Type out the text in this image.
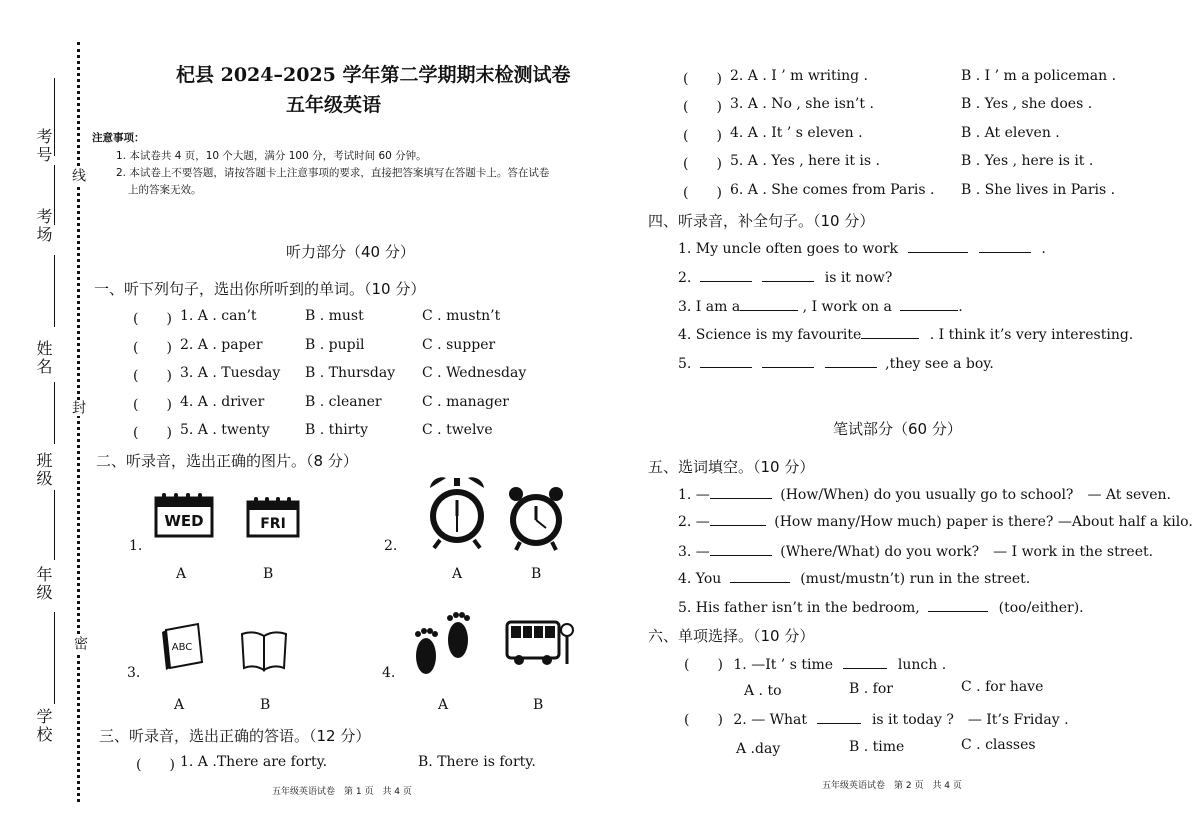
考号
考场
姓名
班级
年级
学校
线
封
密
杞县 2024–2025 学年第二学期期末检测试卷
五年级英语
注意事项：
1. 本试卷共 4 页，10 个大题，满分 100 分，考试时间 60 分钟。
2. 本试卷上不要答题，请按答题卡上注意事项的要求，直接把答案填写在答题卡上。答在试卷
上的答案无效。
听力部分（40 分）
一、听下列句子，选出你所听到的单词。（10 分）
(　　) 1. A . can’t	B . must	C . mustn’t
(　　) 2. A . paper	B . pupil	C . supper
(　　) 3. A . Tuesday B . Thursday C . Wednesday
(　　) 4. A . driver	B . cleaner	C . manager
(　　) 5. A . twenty	B . thirty	C . twelve
二、听录音，选出正确的图片。（8 分）
1.
WED	FRI
A	B
2.
A	B
3.
ABC
A	B
4.
A	B
三、听录音，选出正确的答语。（12 分）
(　　) 1. A .There are forty.	B. There is forty.
(　　) 2. A . I ’ m writing .	B . I ’ m a policeman .
(　　) 3. A . No , she isn’t .	B . Yes , she does .
(　　) 4. A . It ’ s eleven .	B . At eleven .
(　　) 5. A . Yes , here it is .	B . Yes , here is it .
(　　) 6. A . She comes from Paris . B . She lives in Paris .
四、听录音，补全句子。（10 分）
1. My uncle often goes to work	.
2.	is it now?
3. I am a	, I work on a	.
4. Science is my favourite	. I think it’s very interesting.
5.	,they see a boy.
笔试部分（60 分）
五、选词填空。（10 分）
1. —	(How/When) do you usually go to school?　— At seven.
2. —	(How many/How much) paper is there? —About half a kilo.
3. —	(Where/What) do you work?　— I work in the street.
4. You	(must/mustn’t) run in the street.
5. His father isn’t in the bedroom,	(too/either).
六、单项选择。（10 分）
(　　) 1. —It ’ s time	lunch .
A . to	B . for	C . for have
(　　) 2. — What	is it today ?　— It’s Friday .
A .day	B . time	C . classes
五年级英语试卷　第 1 页　共 4 页
五年级英语试卷　第 2 页　共 4 页
